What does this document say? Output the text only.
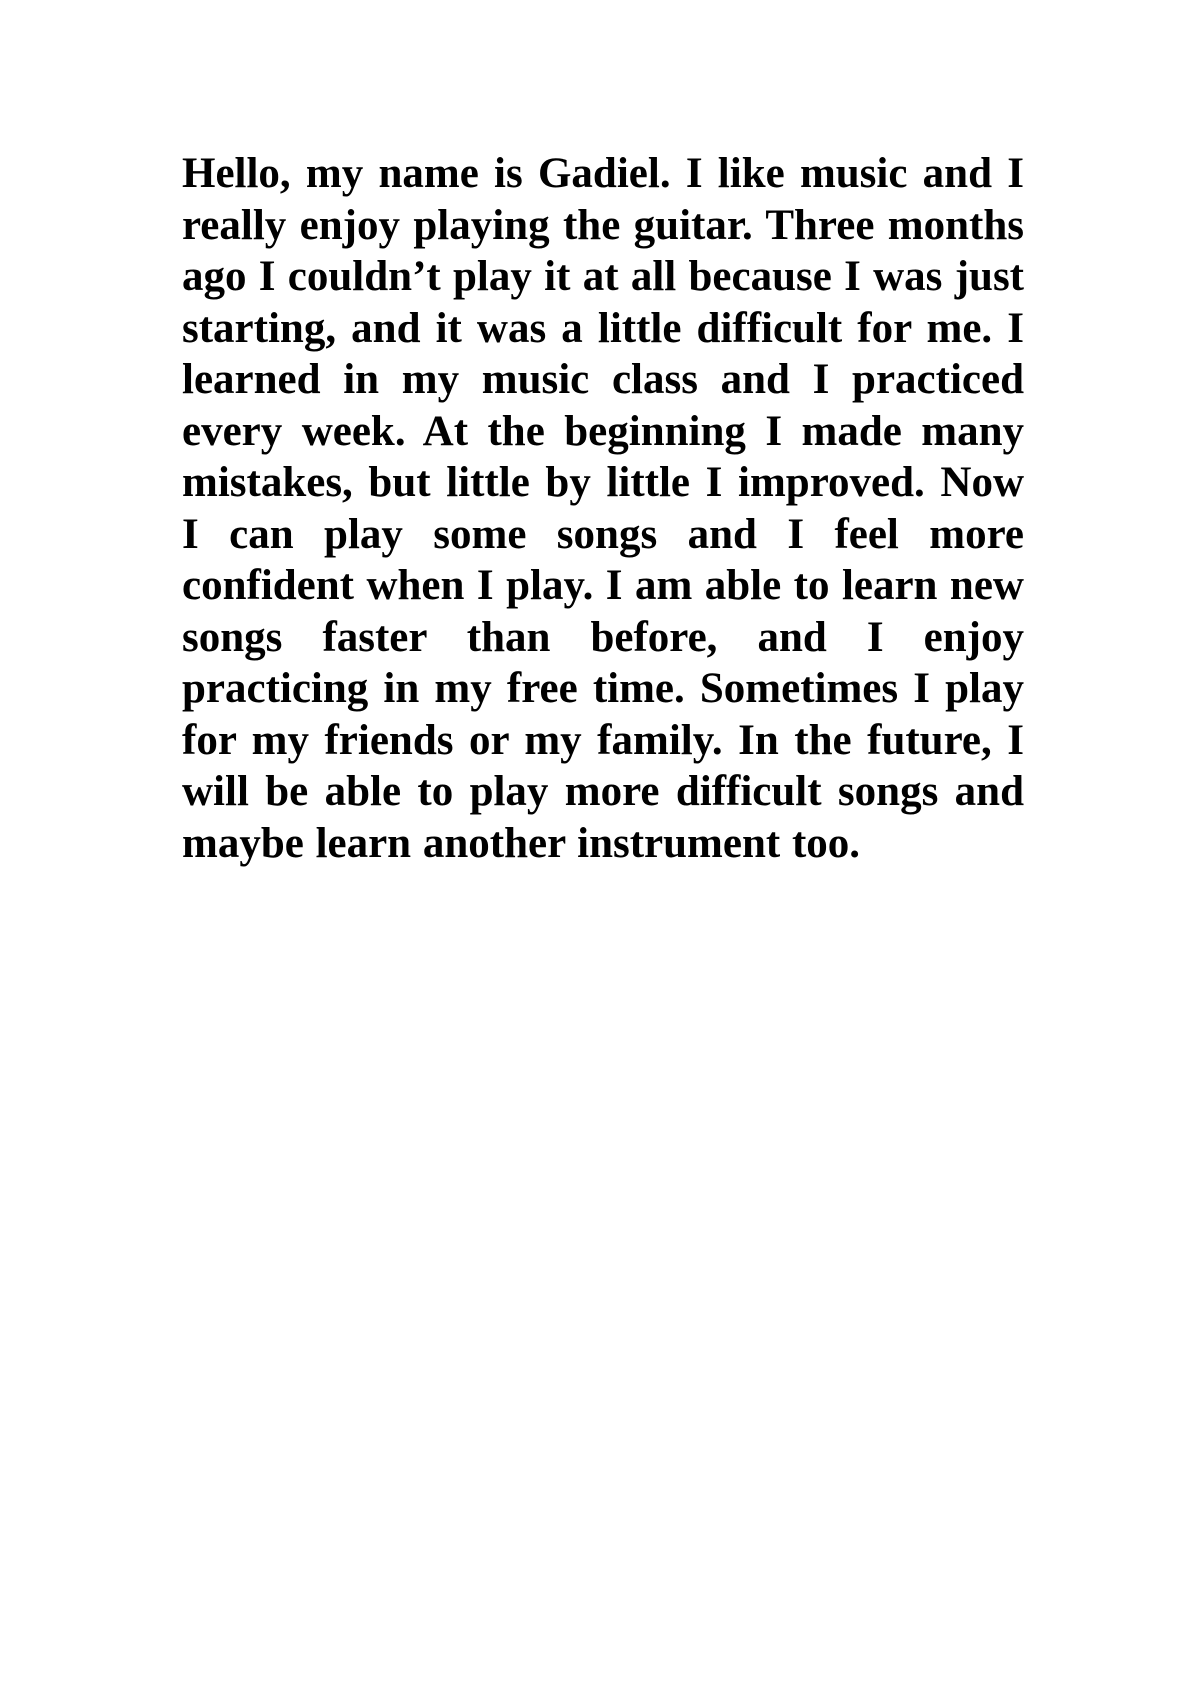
Hello, my name is Gadiel. I like music and I really enjoy playing the guitar. Three months ago I couldn’t play it at all because I was just starting, and it was a little difficult for me. I learned in my music class and I practiced every week. At the beginning I made many mistakes, but little by little I improved. Now I can play some songs and I feel more confident when I play. I am able to learn new songs faster than before, and I enjoy practicing in my free time. Sometimes I play for my friends or my family. In the future, I will be able to play more difficult songs and maybe learn another instrument too.
